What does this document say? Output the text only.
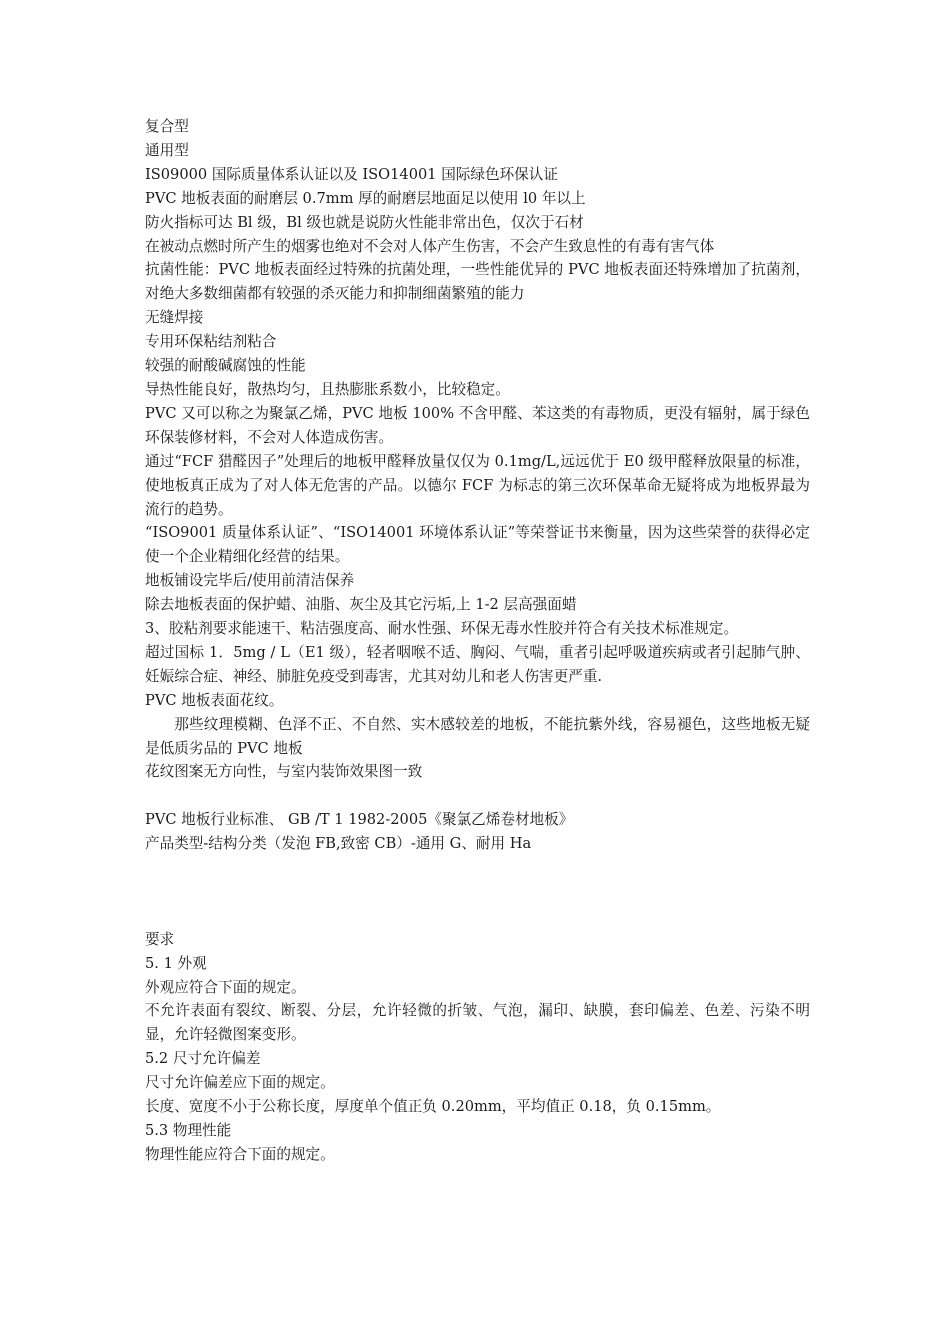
复合型
通用型
IS09000 国际质量体系认证以及 ISO14001 国际绿色环保认证
PVC 地板表面的耐磨层 0.7mm 厚的耐磨层地面足以使用 l0 年以上
防火指标可达 Bl 级，Bl 级也就是说防火性能非常出色，仅次于石材
在被动点燃时所产生的烟雾也绝对不会对人体产生伤害，不会产生致息性的有毒有害气体

抗菌性能：PVC 地板表面经过特殊的抗菌处理，一些性能优异的 PVC 地板表面还特殊增加了抗菌剂，对绝大多数细菌都有较强的杀灭能力和抑制细菌繁殖的能力

无缝焊接
专用环保粘结剂粘合
较强的耐酸碱腐蚀的性能
导热性能良好，散热均匀，且热膨胀系数小，比较稳定。

PVC 又可以称之为聚氯乙烯，PVC 地板 100% 不含甲醛、苯这类的有毒物质，更没有辐射，属于绿色环保装修材料，不会对人体造成伤害。

通过“FCF 猎醛因子”处理后的地板甲醛释放量仅仅为 0.1mg/L,远远优于 E0 级甲醛释放限量的标准，使地板真正成为了对人体无危害的产品。以德尔 FCF 为标志的第三次环保革命无疑将成为地板界最为流行的趋势。

“ISO9001 质量体系认证”、“ISO14001 环境体系认证”等荣誉证书来衡量，因为这些荣誉的获得必定使一个企业精细化经营的结果。

地板铺设完毕后/使用前清洁保养
除去地板表面的保护蜡、油脂、灰尘及其它污垢,上 1-2 层高强面蜡
3、胶粘剂要求能速干、粘洁强度高、耐水性强、环保无毒水性胶并符合有关技术标准规定。

超过国标 1．5mg / L（E1 级），轻者咽喉不适、胸闷、气喘，重者引起呼吸道疾病或者引起肺气肿、妊娠综合症、神经、肺脏免疫受到毒害，尤其对幼儿和老人伤害更严重.

PVC 地板表面花纹。

那些纹理模糊、色泽不正、不自然、实木感较差的地板，不能抗紫外线，容易褪色，这些地板无疑是低质劣品的 PVC 地板

花纹图案无方向性，与室内装饰效果图一致
PVC 地板行业标准、 GB /T 1 1982-2005《聚氯乙烯卷材地板》
产品类型-结构分类（发泡 FB,致密 CB）-通用 G、耐用 Ha
要求
5. 1 外观
外观应符合下面的规定。

不允许表面有裂纹、断裂、分层，允许轻微的折皱、气泡，漏印、缺膜，套印偏差、色差、污染不明显，允许轻微图案变形。

5.2 尺寸允许偏差
尺寸允许偏差应下面的规定。
长度、宽度不小于公称长度，厚度单个值正负 0.20mm，平均值正 0.18，负 0.15mm。
5.3 物理性能
物理性能应符合下面的规定。
